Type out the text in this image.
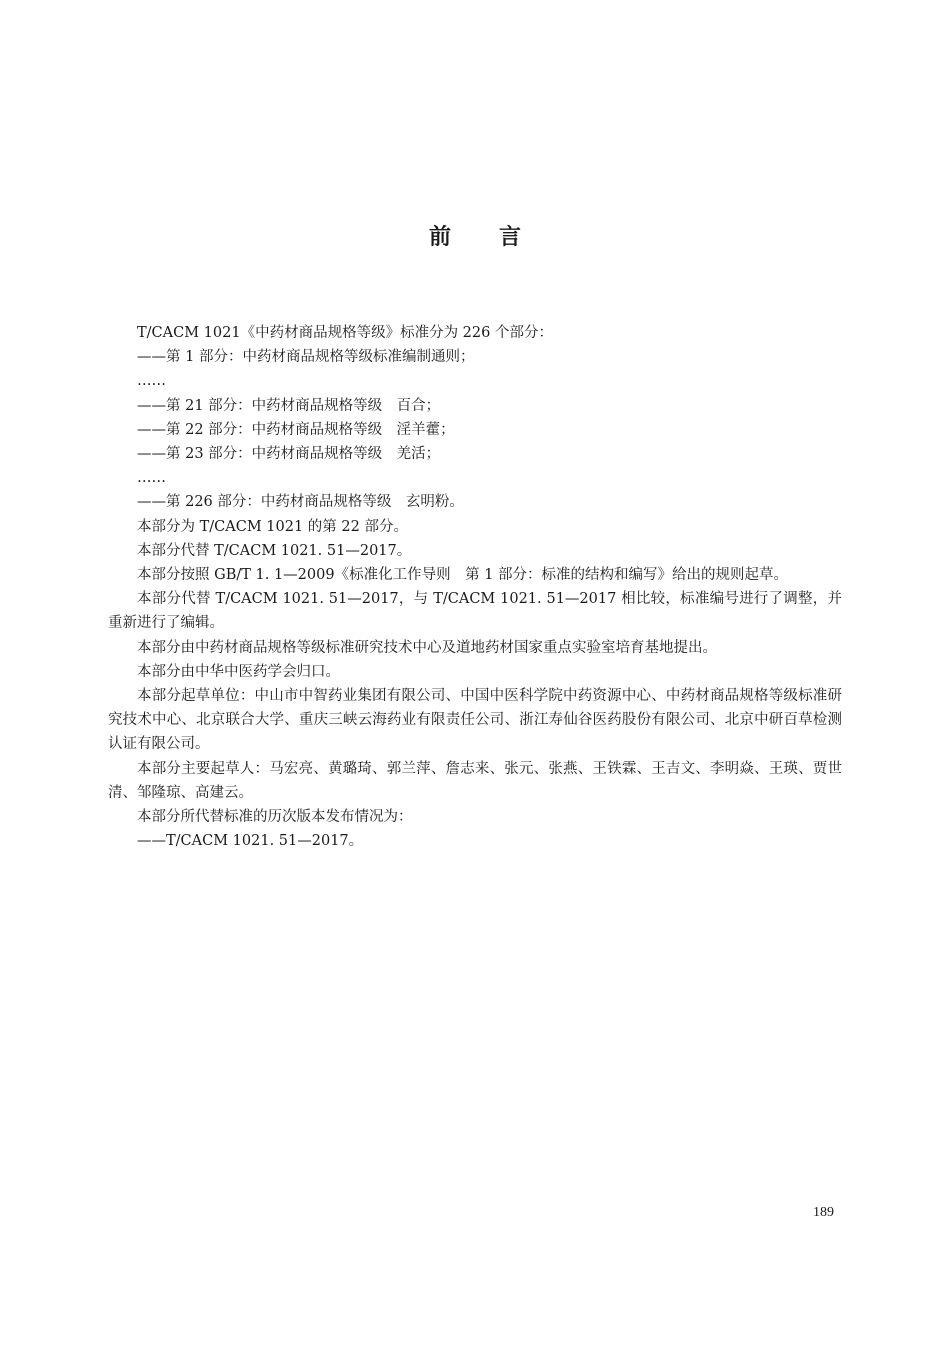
前 言

T/CACM 1021《中药材商品规格等级》标准分为 226 个部分：

——第 1 部分：中药材商品规格等级标准编制通则；

……

——第 21 部分：中药材商品规格等级　百合；

——第 22 部分：中药材商品规格等级　淫羊藿；

——第 23 部分：中药材商品规格等级　羌活；

……

——第 226 部分：中药材商品规格等级　玄明粉。

本部分为 T/CACM 1021 的第 22 部分。

本部分代替 T/CACM 1021. 51—2017。

本部分按照 GB/T 1. 1—2009《标准化工作导则　第 1 部分：标准的结构和编写》给出的规则起草。

本部分代替 T/CACM 1021. 51—2017，与 T/CACM 1021. 51—2017 相比较，标准编号进行了调整，并重新进行了编辑。

本部分由中药材商品规格等级标准研究技术中心及道地药材国家重点实验室培育基地提出。

本部分由中华中医药学会归口。

本部分起草单位：中山市中智药业集团有限公司、中国中医科学院中药资源中心、中药材商品规格等级标准研究技术中心、北京联合大学、重庆三峡云海药业有限责任公司、浙江寿仙谷医药股份有限公司、北京中研百草检测认证有限公司。

本部分主要起草人：马宏亮、黄璐琦、郭兰萍、詹志来、张元、张燕、王铁霖、王吉文、李明焱、王瑛、贾世清、邹隆琼、高建云。

本部分所代替标准的历次版本发布情况为：

——T/CACM 1021. 51—2017。

189
